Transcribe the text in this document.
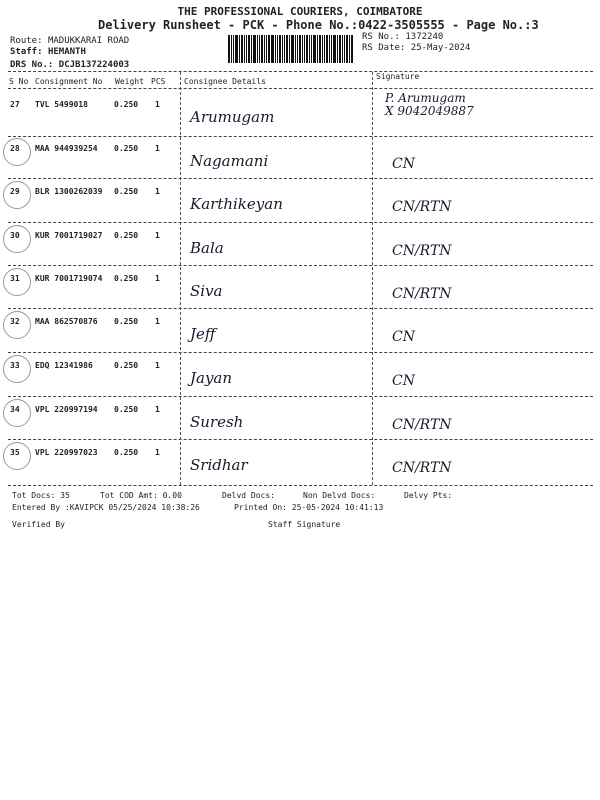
THE PROFESSIONAL COURIERS, COIMBATORE
Delivery Runsheet - PCK - Phone No.:0422-3505555 - Page No.:3
Route: MADUKKARAI ROAD
Staff: HEMANTH
DRS No.: DCJB137224003
RS No.: 1372240
RS Date: 25-May-2024
S No Consignment No Weight PCS Consignee Details
Signature
27 TVL 5499018	0.250 1
Arumugam
P. Arumugam
X 9042049887
28 MAA 944939254 0.250 1
Nagamani	CN
29 BLR 1300262039 0.250 1
Karthikeyan	CN/RTN
30 KUR 7001719027 0.250 1
Bala	CN/RTN
31 KUR 7001719074 0.250 1
Siva	CN/RTN
32 MAA 862570876 0.250 1
Jeff	CN
33 EDQ 12341986	0.250 1
Jayan	CN
34 VPL 220997194 0.250 1
Suresh	CN/RTN
35 VPL 220997023 0.250 1
Sridhar	CN/RTN
Tot Docs: 35	Tot COD Amt: 0.00	Delvd Docs:	Non Delvd Docs:	Delvy Pts:
Entered By :KAVIPCK 05/25/2024 10:38:26	Printed On: 25-05-2024 10:41:13
Verified By	Staff Signature
